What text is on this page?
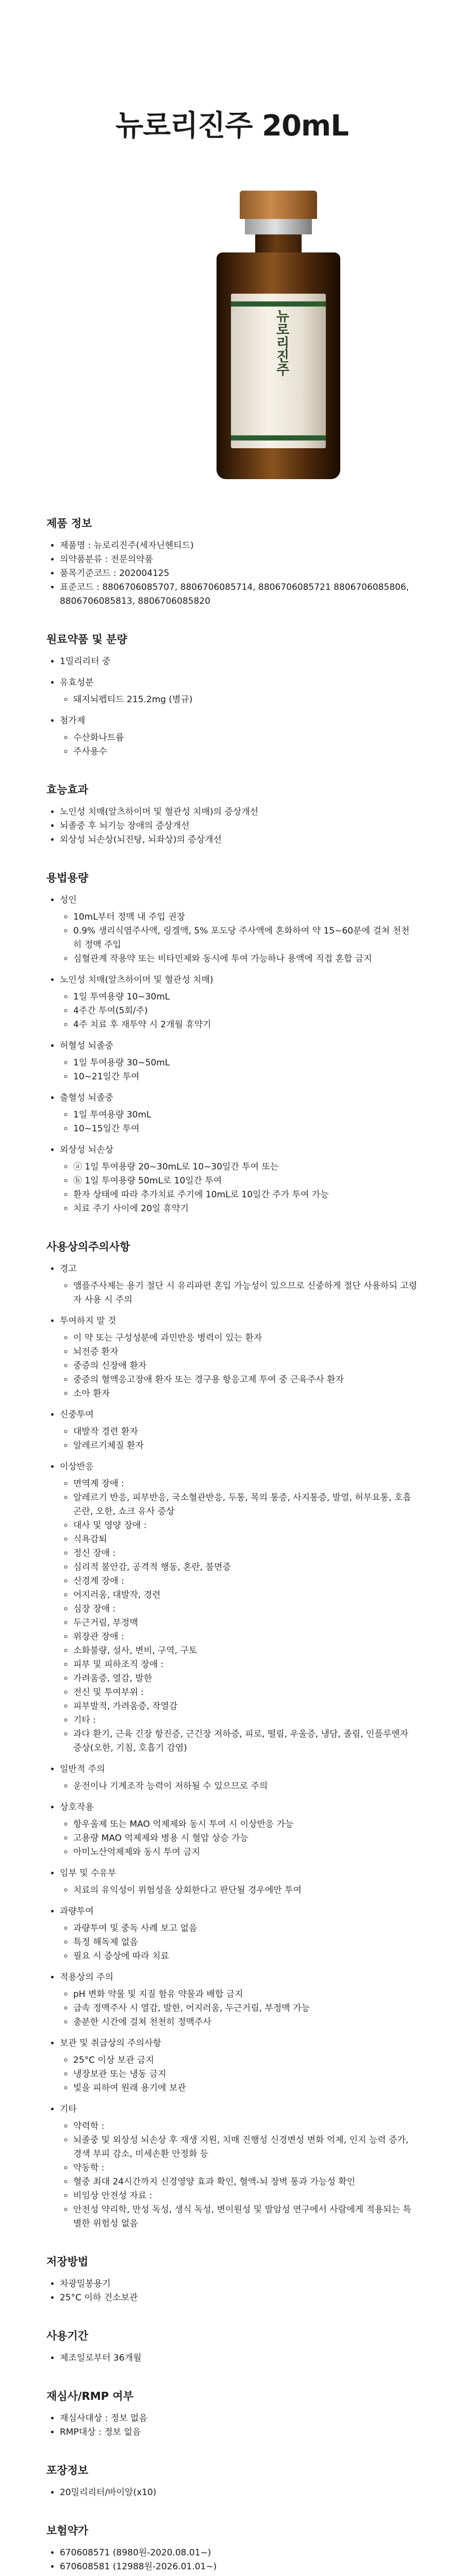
뉴로리진주 20mL
뉴로리진주
제품 정보
• 제품명 : 뉴로리진주(세자닌헨티드)
• 의약품분류 : 전문의약품
• 품목기준코드 : 202004125
• 표준코드 : 8806706085707, 8806706085714, 8806706085721 8806706085806, 8806706085813, 8806706085820
원료약품 및 분량
• 1밀리리터 중
• 유효성분
◦ 돼지뇌펩티드 215.2mg (별규)
• 첨가제
◦ 수산화나트륨
◦ 주사용수
효능효과
• 노인성 치매(알츠하이머 및 혈관성 치매)의 증상개선
• 뇌졸중 후 뇌기능 장애의 증상개선
• 외상성 뇌손상(뇌진탕, 뇌좌상)의 증상개선
용법용량
• 성인
◦ 10mL부터 정맥 내 주입 권장
◦ 0.9% 생리식염주사액, 링겔액, 5% 포도당 주사액에 혼화하여 약 15~60분에 걸쳐 천천히 정맥 주입
◦ 심혈관계 작용약 또는 비타민제와 동시에 투여 가능하나 용액에 직접 혼합 금지
• 노인성 치매(알츠하이머 및 혈관성 치매)
◦ 1일 투여용량 10~30mL
◦ 4주간 투여(5회/주)
◦ 4주 치료 후 재투약 시 2개월 휴약기
• 허혈성 뇌졸중
◦ 1일 투여용량 30~50mL
◦ 10~21일간 투여
• 출혈성 뇌졸중
◦ 1일 투여용량 30mL
◦ 10~15일간 투여
• 외상성 뇌손상
◦ ⓐ 1일 투여용량 20~30mL로 10~30일간 투여 또는
◦ ⓑ 1일 투여용량 50mL로 10일간 투여
◦ 환자 상태에 따라 추가치료 주기에 10mL로 10일간 주가 투여 가능
◦ 치료 주기 사이에 20일 휴약기
사용상의주의사항
• 경고
◦ 앰플주사제는 용기 절단 시 유리파편 혼입 가능성이 있으므로 신중하게 절단 사용하되 고령자 사용 시 주의
• 투여하지 말 것
◦ 이 약 또는 구성성분에 과민반응 병력이 있는 환자
◦ 뇌전증 환자
◦ 중증의 신장애 환자
◦ 중증의 혈액응고장애 환자 또는 경구용 항응고제 투여 중 근육주사 환자
◦ 소아 환자
• 신중투여
◦ 대발작 경련 환자
◦ 알레르기체질 환자
• 이상반응
◦ 면역계 장애 :
◦ 알레르기 반응, 피부반응, 국소혈관반응, 두통, 목의 통증, 사지통증, 발열, 허부요통, 호흡곤란, 오한, 쇼크 유사 증상
◦ 대사 및 영양 장애 :
◦ 식욕감퇴
◦ 정신 장애 :
◦ 심리적 불안감, 공격적 행동, 혼란, 불면증
◦ 신경계 장애 :
◦ 어지러움, 대발작, 경련
◦ 심장 장애 :
◦ 두근거림, 부정맥
◦ 위장관 장애 :
◦ 소화불량, 설사, 변비, 구역, 구토
◦ 피부 및 피하조직 장애 :
◦ 가려움증, 열감, 발한
◦ 전신 및 투여부위 :
◦ 피부발적, 가려움증, 작열감
◦ 기타 :
◦ 과다 환기, 근육 긴장 항진증, 근긴장 저하증, 피로, 떨림, 우울증, 냉담, 졸림, 인플루엔자 증상(오한, 기침, 호흡기 감염)
• 일반적 주의
◦ 운전이나 기계조작 능력이 저하될 수 있으므로 주의
• 상호작용
◦ 항우울제 또는 MAO 억제제와 동시 투여 시 이상반응 가능
◦ 고용량 MAO 억제제와 병용 시 혈압 상승 가능
◦ 아미노산억제제와 동시 투여 금지
• 임부 및 수유부
◦ 치료의 유익성이 위험성을 상회한다고 판단될 경우에만 투여
• 과량투여
◦ 과량투여 및 중독 사례 보고 없음
◦ 특정 해독제 없음
◦ 필요 시 증상에 따라 치료
• 적용상의 주의
◦ pH 변화 약물 및 지질 함유 약물과 배합 금지
◦ 급속 정맥주사 시 열감, 발한, 어지러움, 두근거림, 부정맥 가능
◦ 충분한 시간에 걸쳐 천천히 정맥주사
• 보관 및 취급상의 주의사항
◦ 25°C 이상 보관 금지
◦ 냉장보관 또는 냉동 금지
◦ 빛을 피하여 원래 용기에 보관
• 기타
◦ 약력학 :
◦ 뇌졸중 및 외상성 뇌손상 후 재생 지원, 치매 진행성 신경변성 변화 억제, 인지 능력 증가, 경색 부피 감소, 미세손환 안정화 등
◦ 약동학 :
◦ 혈중 최대 24시간까지 신경영양 효과 확인, 혈액-뇌 장벽 통과 가능성 확인
◦ 비임상 안전성 자료 :
◦ 안전성 약리학, 만성 독성, 생식 독성, 변이원성 및 발암성 연구에서 사람에게 적용되는 특별한 위험성 없음
저장방법
• 차광밀봉용기
• 25°C 이하 건소보관
사용기간
• 제조일로부터 36개월
재심사/RMP 여부
• 재심사대상 : 정보 없음
• RMP대상 : 정보 없음
포장정보
• 20밀리리터/바이알(x10)
보험약가
• 670608571 (8980원-2020.08.01~)
• 670608581 (12988원-2026.01.01~)
